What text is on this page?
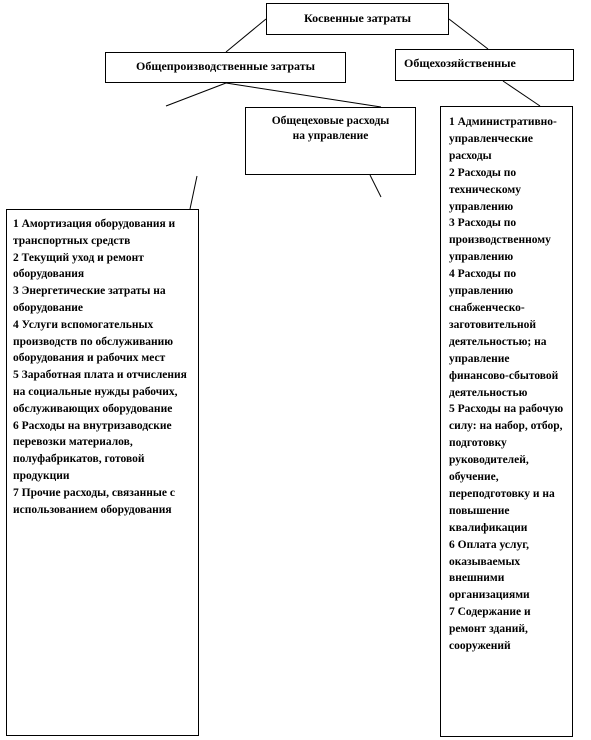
Косвенные затраты
Общепроизводственные затраты	Общехозяйственные
Общецеховые расходы
на управление
1 Амортизация оборудования и транспортных средств
2 Текущий уход и ремонт оборудования
3 Энергетические затраты на оборудование
4 Услуги вспомогательных производств по обслуживанию оборудования и рабочих мест
5 Заработная плата и отчисления на социальные нужды рабочих, обслуживающих оборудование
6 Расходы на внутризаводские перевозки материалов, полуфабрикатов, готовой продукции
7 Прочие расходы, связанные с использованием оборудования
1 Административно-управленческие расходы
2 Расходы по техническому управлению
3 Расходы по производственному управлению
4 Расходы по управлению снабженческо-заготовительной деятельностью; на управление финансово-сбытовой деятельностью
5 Расходы на рабочую силу: на набор, отбор, подготовку руководителей, обучение, переподготовку и на повышение квалификации
6 Оплата услуг, оказываемых внешними организациями
7 Содержание и ремонт зданий, сооружений
